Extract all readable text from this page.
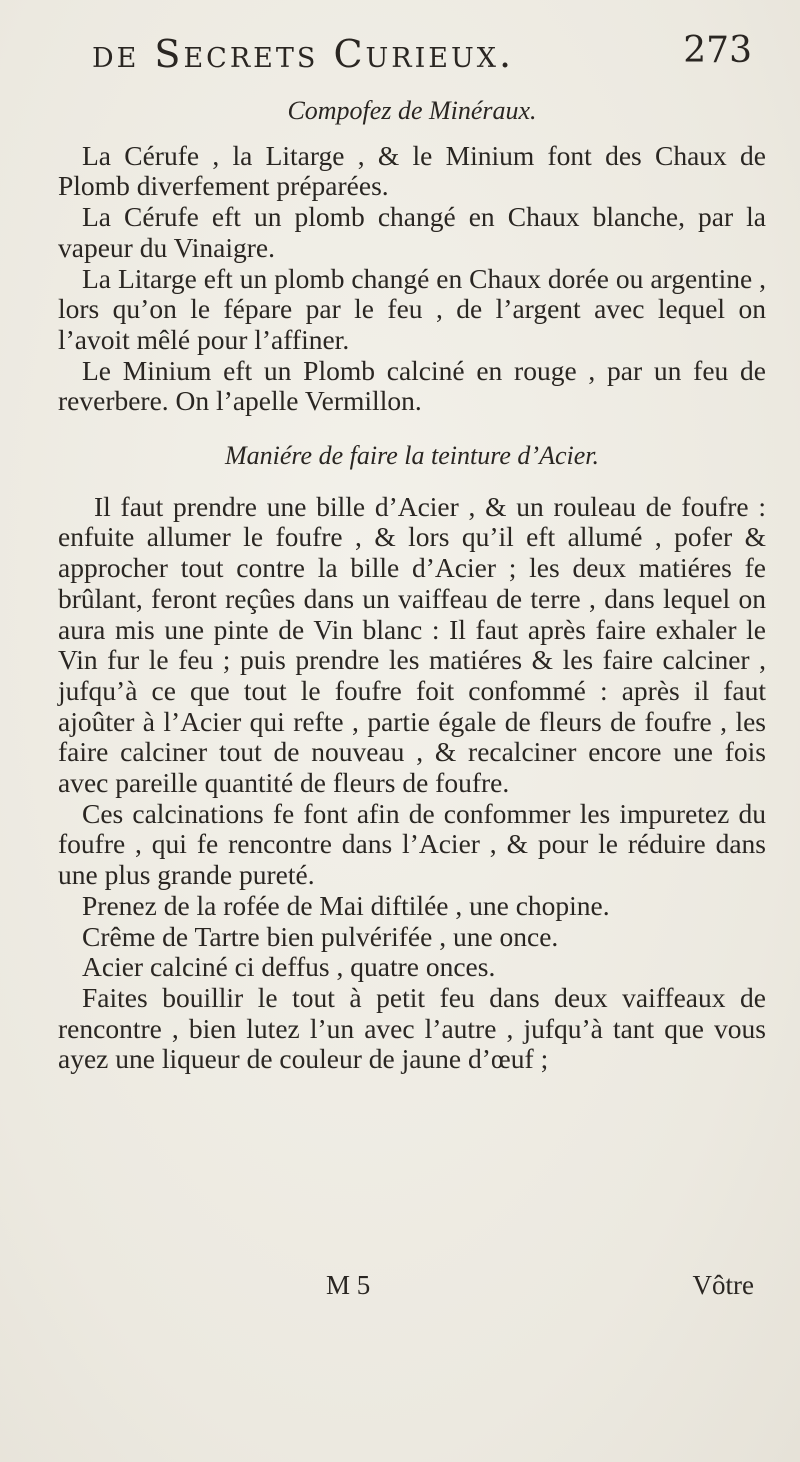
de Secrets Curieux.	273
Compofez de Minéraux.

La Cérufe , la Litarge , & le Minium font des Chaux de Plomb diverfement préparées.

La Cérufe eft un plomb changé en Chaux blanche, par la vapeur du Vinaigre.

La Litarge eft un plomb changé en Chaux dorée ou argentine , lors qu’on le fépare par le feu , de l’argent avec lequel on l’avoit mêlé pour l’affiner.

Le Minium eft un Plomb calciné en rouge , par un feu de reverbere. On l’apelle Vermillon.

Maniére de faire la teinture d’Acier.

Il faut prendre une bille d’Acier , & un rouleau de foufre : enfuite allumer le foufre , & lors qu’il eft allumé , pofer & approcher tout contre la bille d’Acier ; les deux matiéres fe brûlant, feront reçûes dans un vaiffeau de terre , dans lequel on aura mis une pinte de Vin blanc : Il faut après faire exhaler le Vin fur le feu ; puis prendre les matiéres & les faire calciner , jufqu’à ce que tout le foufre foit confommé : après il faut ajoûter à l’Acier qui refte , partie égale de fleurs de foufre , les faire calciner tout de nouveau , & recalciner encore une fois avec pareille quantité de fleurs de foufre.

Ces calcinations fe font afin de confommer les impuretez du foufre , qui fe rencontre dans l’Acier , & pour le réduire dans une plus grande pureté.

Prenez de la rofée de Mai diftilée , une chopine.

Crême de Tartre bien pulvérifée , une once.

Acier calciné ci deffus , quatre onces.

Faites bouillir le tout à petit feu dans deux vaiffeaux de rencontre , bien lutez l’un avec l’autre , jufqu’à tant que vous ayez une liqueur de couleur de jaune d’œuf ;

M 5	Vôtre
